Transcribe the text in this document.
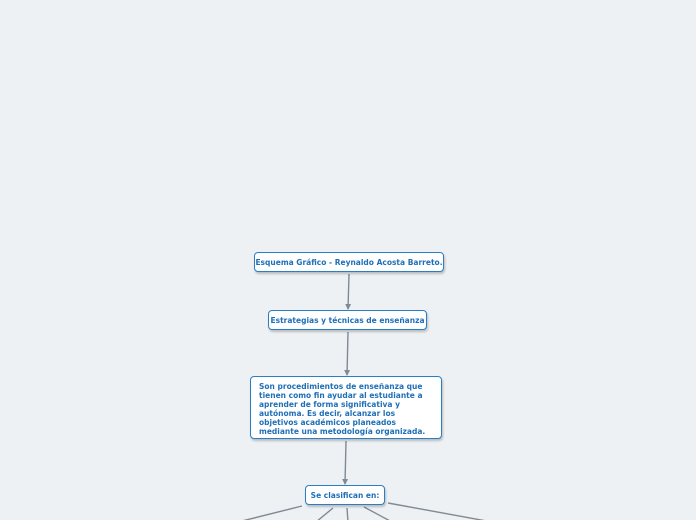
Esquema Gráfico - Reynaldo Acosta Barreto.
Estrategias y técnicas de enseñanza
Son procedimientos de enseñanza que tienen como fin ayudar al estudiante a aprender de forma significativa y autónoma. Es decir, alcanzar los objetivos académicos planeados mediante una metodología organizada.
Se clasifican en:
